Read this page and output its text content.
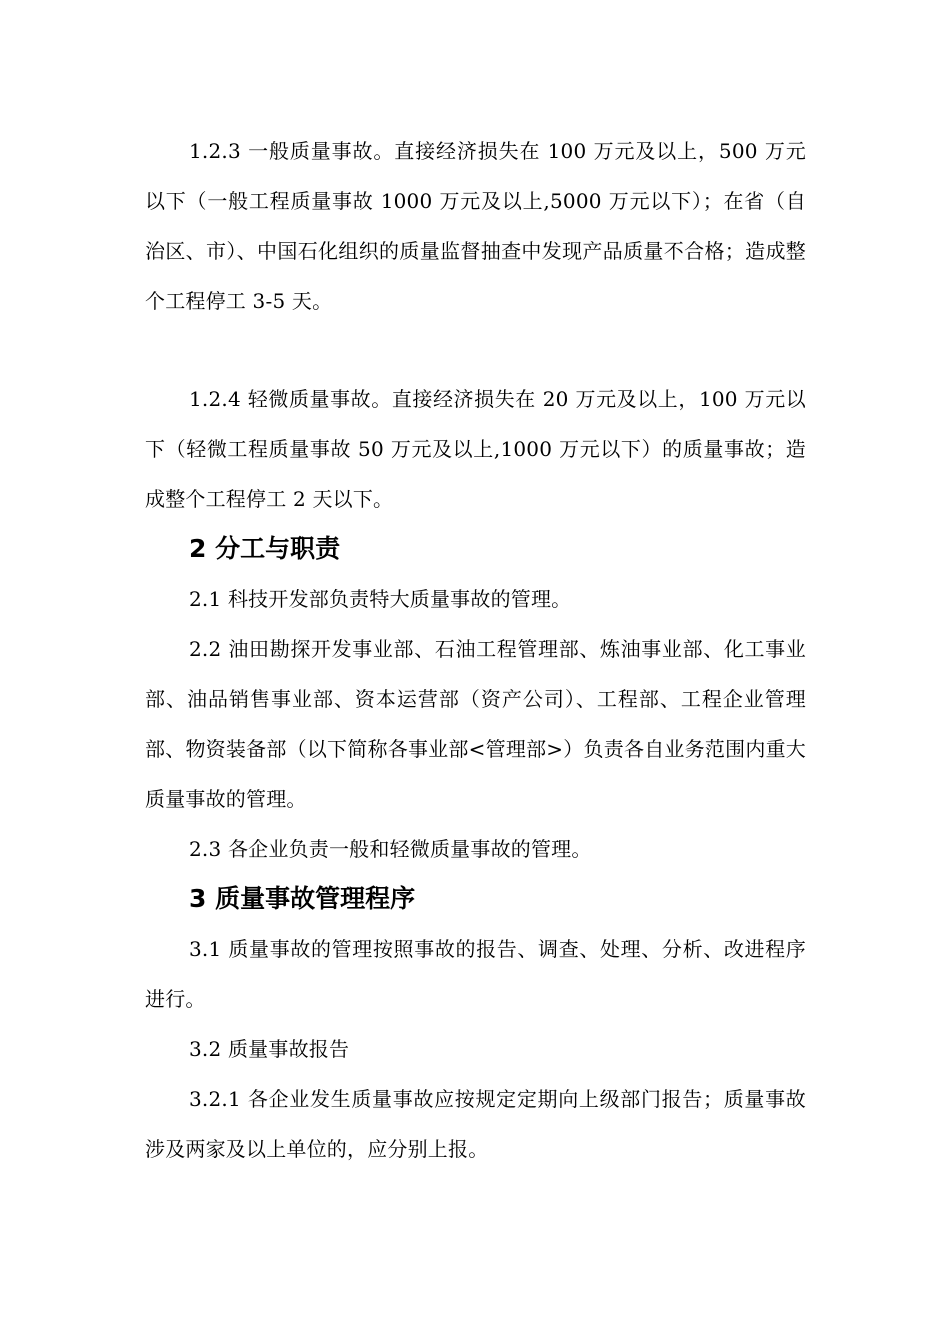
1.2.3 一般质量事故。直接经济损失在 100 万元及以上，500 万元以下（一般工程质量事故 1000 万元及以上,5000 万元以下）；在省（自治区、市）、中国石化组织的质量监督抽查中发现产品质量不合格；造成整个工程停工 3-5 天。

1.2.4 轻微质量事故。直接经济损失在 20 万元及以上，100 万元以下（轻微工程质量事故 50 万元及以上,1000 万元以下）的质量事故；造成整个工程停工 2 天以下。

2 分工与职责

2.1 科技开发部负责特大质量事故的管理。

2.2 油田勘探开发事业部、石油工程管理部、炼油事业部、化工事业部、油品销售事业部、资本运营部（资产公司）、工程部、工程企业管理部、物资装备部（以下简称各事业部<管理部>）负责各自业务范围内重大质量事故的管理。

2.3 各企业负责一般和轻微质量事故的管理。

3 质量事故管理程序

3.1 质量事故的管理按照事故的报告、调查、处理、分析、改进程序进行。

3.2 质量事故报告

3.2.1 各企业发生质量事故应按规定定期向上级部门报告；质量事故涉及两家及以上单位的，应分别上报。
